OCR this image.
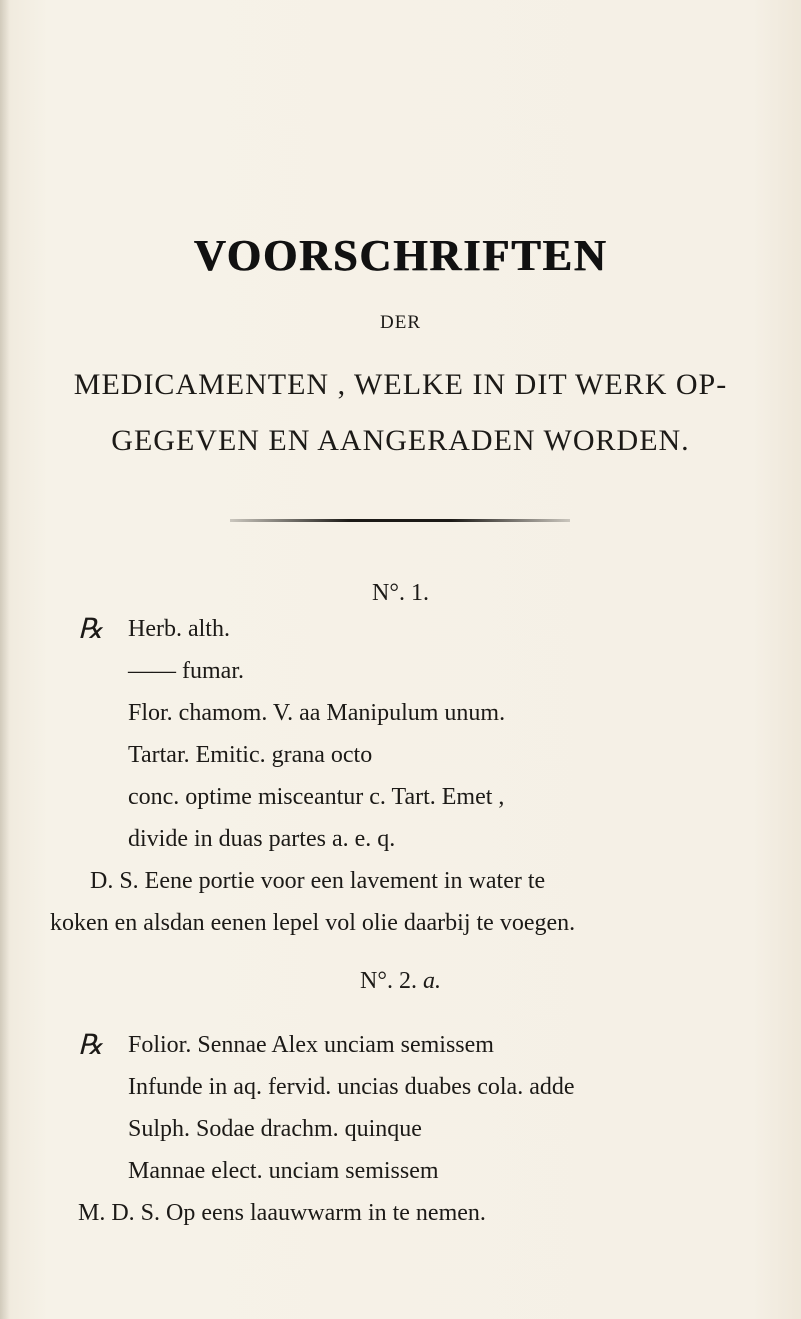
VOORSCHRIFTEN
DER
MEDICAMENTEN , WELKE IN DIT WERK OP-
GEGEVEN EN AANGERADEN WORDEN.
N°. 1.
℞ Herb. alth.
—— fumar.
Flor. chamom. V. aa Manipulum unum.
Tartar. Emitic. grana octo
conc. optime misceantur c. Tart. Emet ,
divide in duas partes a. e. q.
D. S. Eene portie voor een lavement in water te
koken en alsdan eenen lepel vol olie daarbij te voegen.
N°. 2. a.
℞ Folior. Sennae Alex unciam semissem
Infunde in aq. fervid. uncias duabes cola. adde
Sulph. Sodae drachm. quinque
Mannae elect. unciam semissem
M. D. S. Op eens laauwwarm in te nemen.
